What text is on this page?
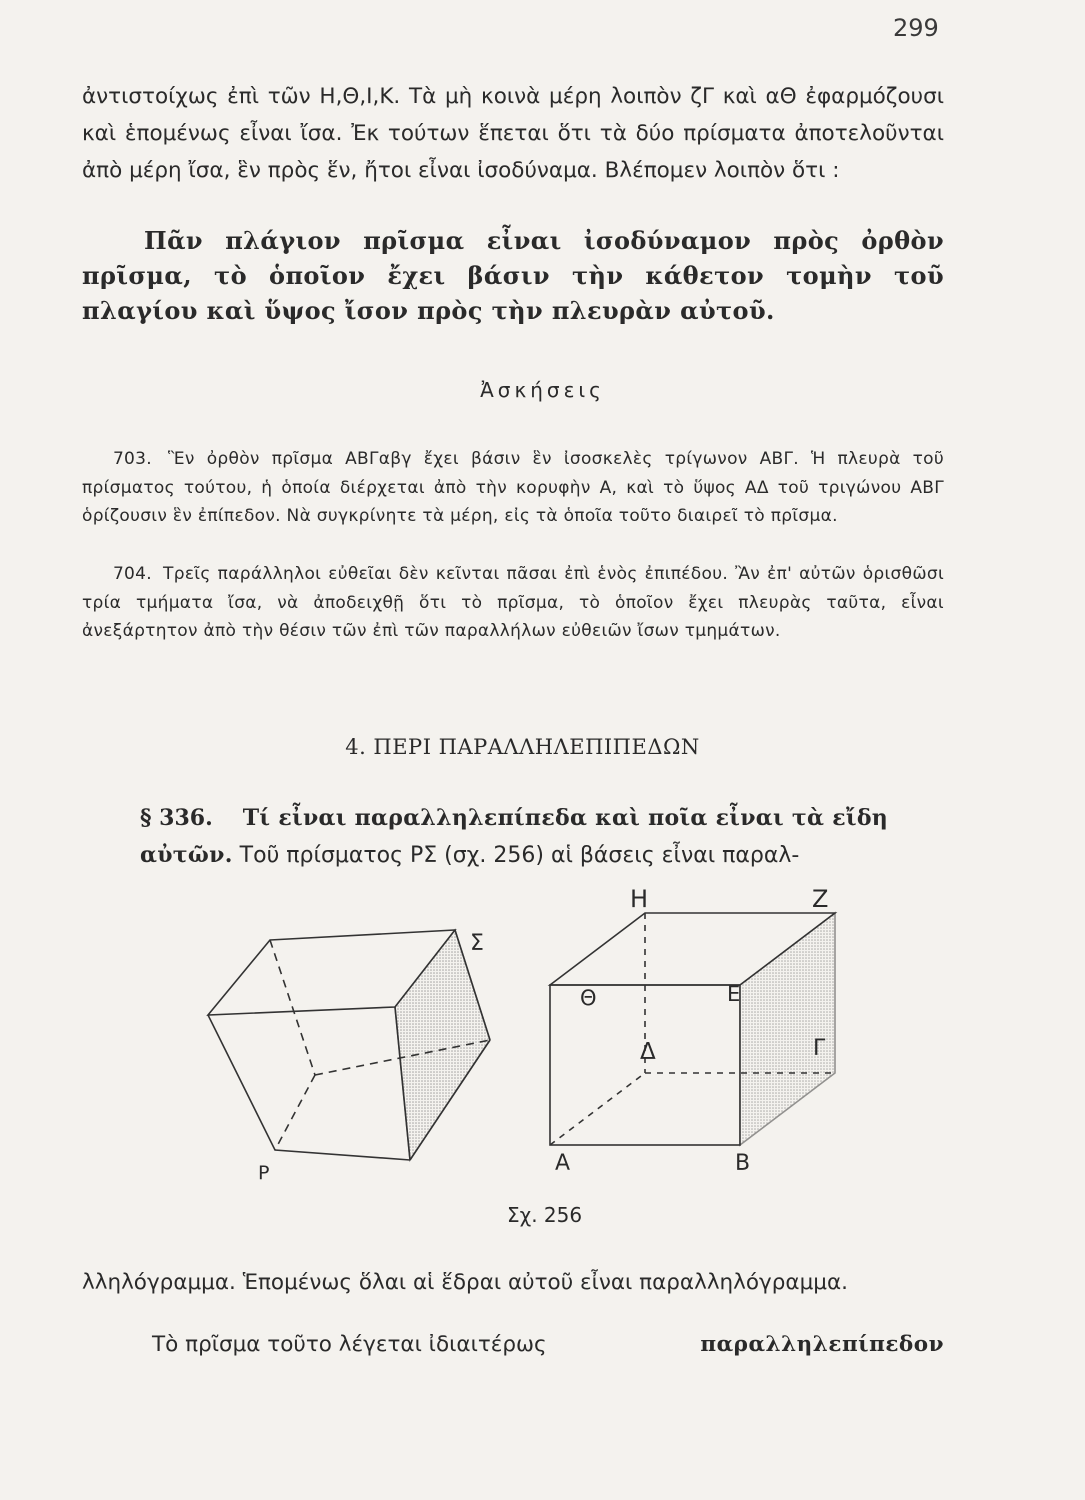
299

ἀντιστοίχως ἐπὶ τῶν Η,Θ,Ι,Κ. Τὰ μὴ κοινὰ μέρη λοιπὸν ζΓ καὶ αΘ ἐφαρμόζουσι καὶ ἑπομένως εἶναι ἴσα. Ἐκ τούτων ἕπεται ὅτι τὰ δύο πρίσματα ἀποτελοῦνται ἀπὸ μέρη ἴσα, ἓν πρὸς ἕν, ἤτοι εἶναι ἰσοδύναμα. Βλέπομεν λοιπὸν ὅτι :

Πᾶν πλάγιον πρῖσμα εἶναι ἰσοδύναμον πρὸς ὀρθὸν πρῖσμα, τὸ ὁποῖον ἔχει βάσιν τὴν κάθετον τομὴν τοῦ πλαγίου καὶ ὕψος ἴσον πρὸς τὴν πλευρὰν αὐτοῦ.

Ἀσκήσεις

703. Ἓν ὀρθὸν πρῖσμα ΑΒΓαβγ ἔχει βάσιν ἓν ἰσοσκελὲς τρίγωνον ΑΒΓ. Ἡ πλευρὰ τοῦ πρίσματος τούτου, ἡ ὁποία διέρχεται ἀπὸ τὴν κορυφὴν Α, καὶ τὸ ὕψος ΑΔ τοῦ τριγώνου ΑΒΓ ὁρίζουσιν ἓν ἐπίπεδον. Νὰ συγκρίνητε τὰ μέρη, εἰς τὰ ὁποῖα τοῦτο διαιρεῖ τὸ πρῖσμα.

704. Τρεῖς παράλληλοι εὐθεῖαι δὲν κεῖνται πᾶσαι ἐπὶ ἑνὸς ἐπιπέδου. Ἂν ἐπ' αὐτῶν ὁρισθῶσι τρία τμήματα ἴσα, νὰ ἀποδειχθῇ ὅτι τὸ πρῖσμα, τὸ ὁποῖον ἔχει πλευρὰς ταῦτα, εἶναι ἀνεξάρτητον ἀπὸ τὴν θέσιν τῶν ἐπὶ τῶν παραλλήλων εὐθειῶν ἴσων τμημάτων.

4. ΠΕΡΙ ΠΑΡΑΛΛΗΛΕΠΙΠΕΔΩΝ

§ 336. Τί εἶναι παραλληλεπίπεδα καὶ ποῖα εἶναι τὰ εἴδη αὐτῶν. Τοῦ πρίσματος ΡΣ (σχ. 256) αἱ βάσεις εἶναι παραλ-

Σ
Ρ
Η	Ζ
Θ	Ε
Δ	Γ
Α	Β
Σχ. 256

λληλόγραμμα. Ἑπομένως ὅλαι αἱ ἕδραι αὐτοῦ εἶναι παραλληλόγραμμα.

Τὸ πρῖσμα τοῦτο λέγεται ἰδιαιτέρως	παραλληλεπίπεδον
